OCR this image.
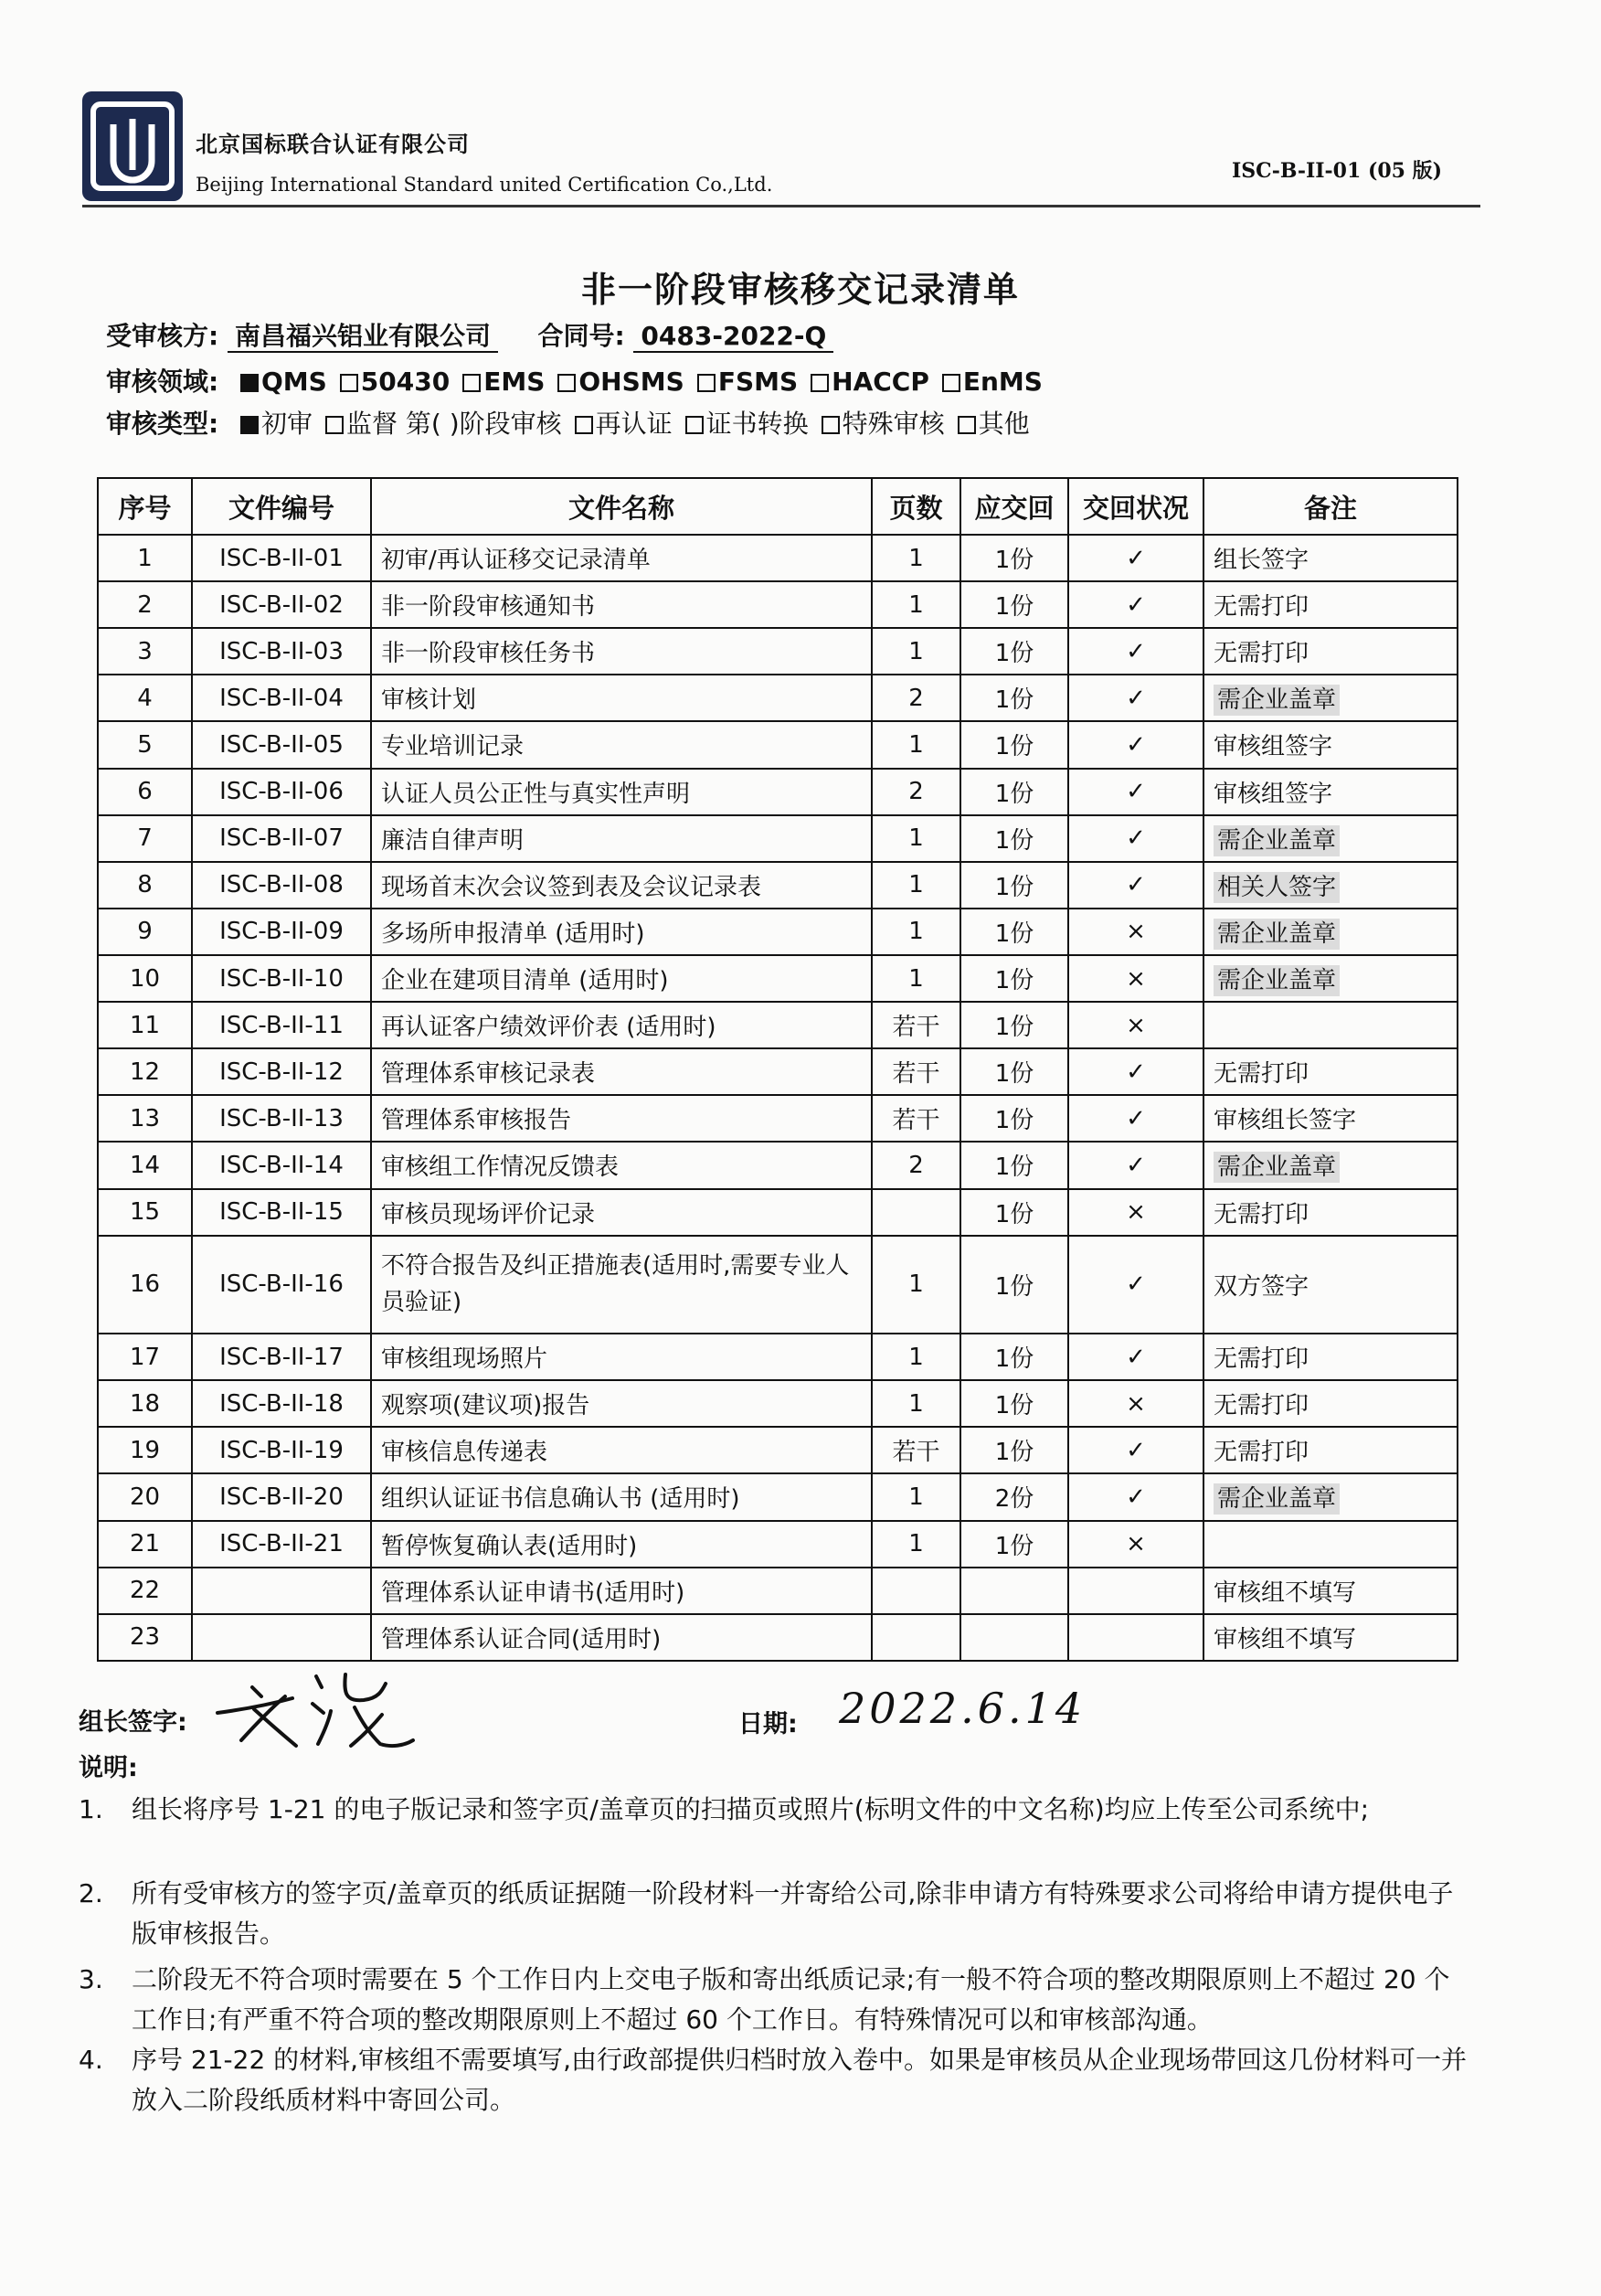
北京国标联合认证有限公司
Beijing International Standard united Certification Co.,Ltd.
ISC-B-II-01 (05 版)
非一阶段审核移交记录清单
受审核方: 南昌福兴铝业有限公司 合同号: 0483-2022-Q
审核领域: QMS 50430 EMS OHSMS FSMS HACCP EnMS
审核类型: 初审 监督 第( )阶段审核 再认证 证书转换 特殊审核 其他
序号	文件编号	文件名称	页数	应交回	交回状况	备注
1	ISC-B-II-01	初审/再认证移交记录清单	1	1份	✓	组长签字
2	ISC-B-II-02	非一阶段审核通知书	1	1份	✓	无需打印
3	ISC-B-II-03	非一阶段审核任务书	1	1份	✓	无需打印
4	ISC-B-II-04	审核计划	2	1份	✓	需企业盖章
5	ISC-B-II-05	专业培训记录	1	1份	✓	审核组签字
6	ISC-B-II-06	认证人员公正性与真实性声明	2	1份	✓	审核组签字
7	ISC-B-II-07	廉洁自律声明	1	1份	✓	需企业盖章
8	ISC-B-II-08	现场首末次会议签到表及会议记录表	1	1份	✓	相关人签字
9	ISC-B-II-09	多场所申报清单 (适用时)	1	1份	×	需企业盖章
10	ISC-B-II-10	企业在建项目清单 (适用时)	1	1份	×	需企业盖章
11	ISC-B-II-11	再认证客户绩效评价表 (适用时)	若干	1份	×	
12	ISC-B-II-12	管理体系审核记录表	若干	1份	✓	无需打印
13	ISC-B-II-13	管理体系审核报告	若干	1份	✓	审核组长签字
14	ISC-B-II-14	审核组工作情况反馈表	2	1份	✓	需企业盖章
15	ISC-B-II-15	审核员现场评价记录		1份	×	无需打印
16	ISC-B-II-16	不符合报告及纠正措施表(适用时,需要专业人员验证)	1	1份	✓	双方签字
17	ISC-B-II-17	审核组现场照片	1	1份	✓	无需打印
18	ISC-B-II-18	观察项(建议项)报告	1	1份	×	无需打印
19	ISC-B-II-19	审核信息传递表	若干	1份	✓	无需打印
20	ISC-B-II-20	组织认证证书信息确认书 (适用时)	1	2份	✓	需企业盖章
21	ISC-B-II-21	暂停恢复确认表(适用时)	1	1份	×	
22		管理体系认证申请书(适用时)				审核组不填写
23		管理体系认证合同(适用时)				审核组不填写
组长签字:	日期: 2022.6.14
说明:
1. 组长将序号 1-21 的电子版记录和签字页/盖章页的扫描页或照片(标明文件的中文名称)均应上传至公司系统中;
2. 所有受审核方的签字页/盖章页的纸质证据随一阶段材料一并寄给公司,除非申请方有特殊要求公司将给申请方提供电子版审核报告。
3. 二阶段无不符合项时需要在 5 个工作日内上交电子版和寄出纸质记录;有一般不符合项的整改期限原则上不超过 20 个工作日;有严重不符合项的整改期限原则上不超过 60 个工作日。有特殊情况可以和审核部沟通。
4. 序号 21-22 的材料,审核组不需要填写,由行政部提供归档时放入卷中。如果是审核员从企业现场带回这几份材料可一并放入二阶段纸质材料中寄回公司。
